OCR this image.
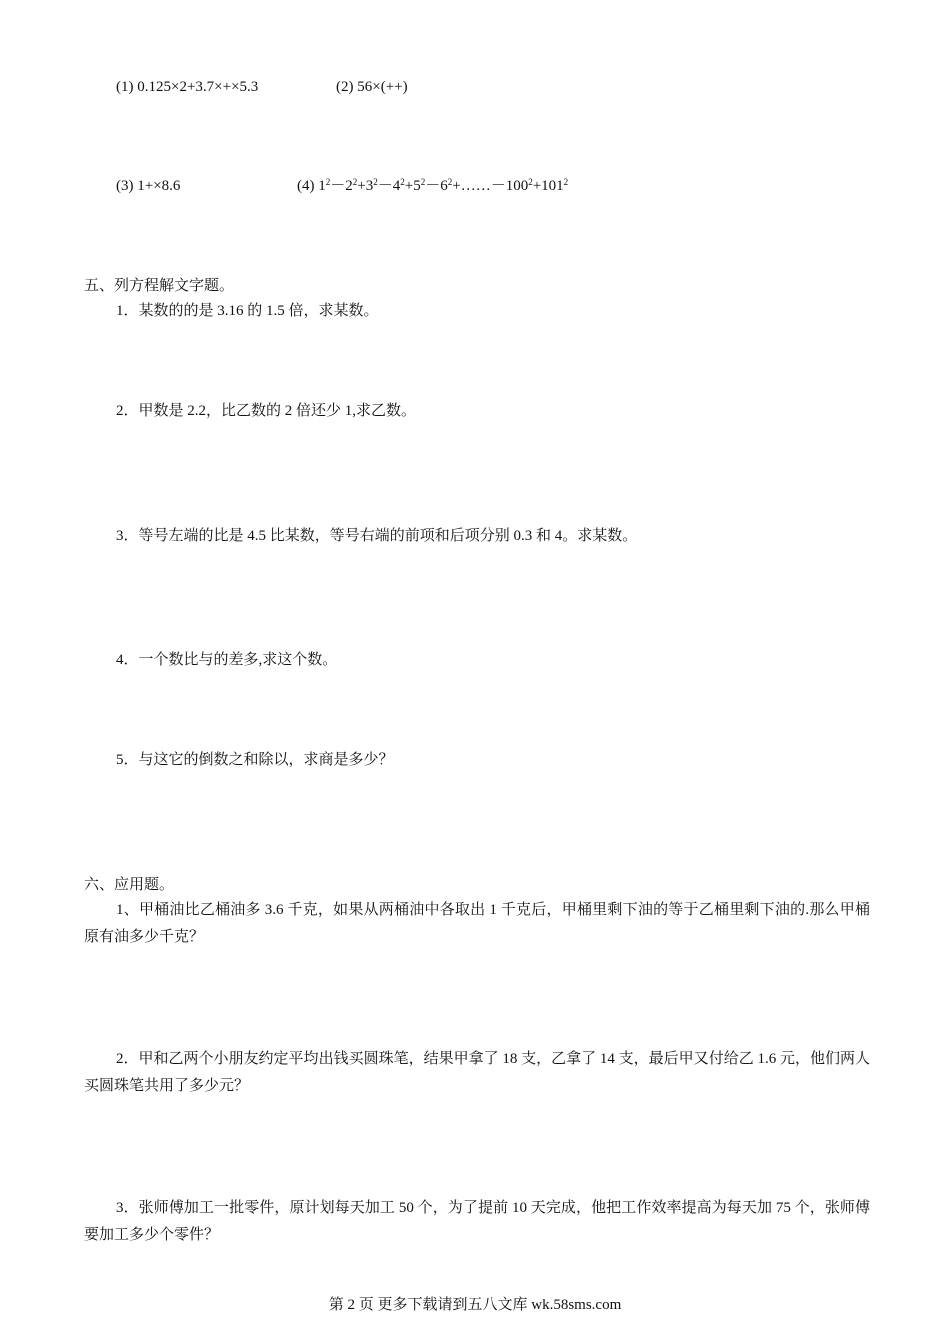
(1) 0.125×2+3.7×+×5.3	(2) 56×(++)
(3) 1+×8.6	(4) $1^2-2^2+3^2-4^2+5^2-6^2+\dots\dots-100^2+101^2$
五、列方程解文字题。
1．某数的的是 3.16 的 1.5 倍，求某数。
2．甲数是 2.2，比乙数的 2 倍还少 1,求乙数。
3．等号左端的比是 4.5 比某数，等号右端的前项和后项分别 0.3 和 4。求某数。
4．一个数比与的差多,求这个数。
5．与这它的倒数之和除以，求商是多少？
六、应用题。
1、甲桶油比乙桶油多 3.6 千克，如果从两桶油中各取出 1 千克后，甲桶里剩下油的等于乙桶里剩下油的.那么甲桶原有油多少千克？
2．甲和乙两个小朋友约定平均出钱买圆珠笔，结果甲拿了 18 支，乙拿了 14 支，最后甲又付给乙 1.6 元，他们两人买圆珠笔共用了多少元？
3．张师傅加工一批零件，原计划每天加工 50 个，为了提前 10 天完成，他把工作效率提高为每天加 75 个，张师傅要加工多少个零件？
第 2 页 更多下载请到五八文库 wk.58sms.com
